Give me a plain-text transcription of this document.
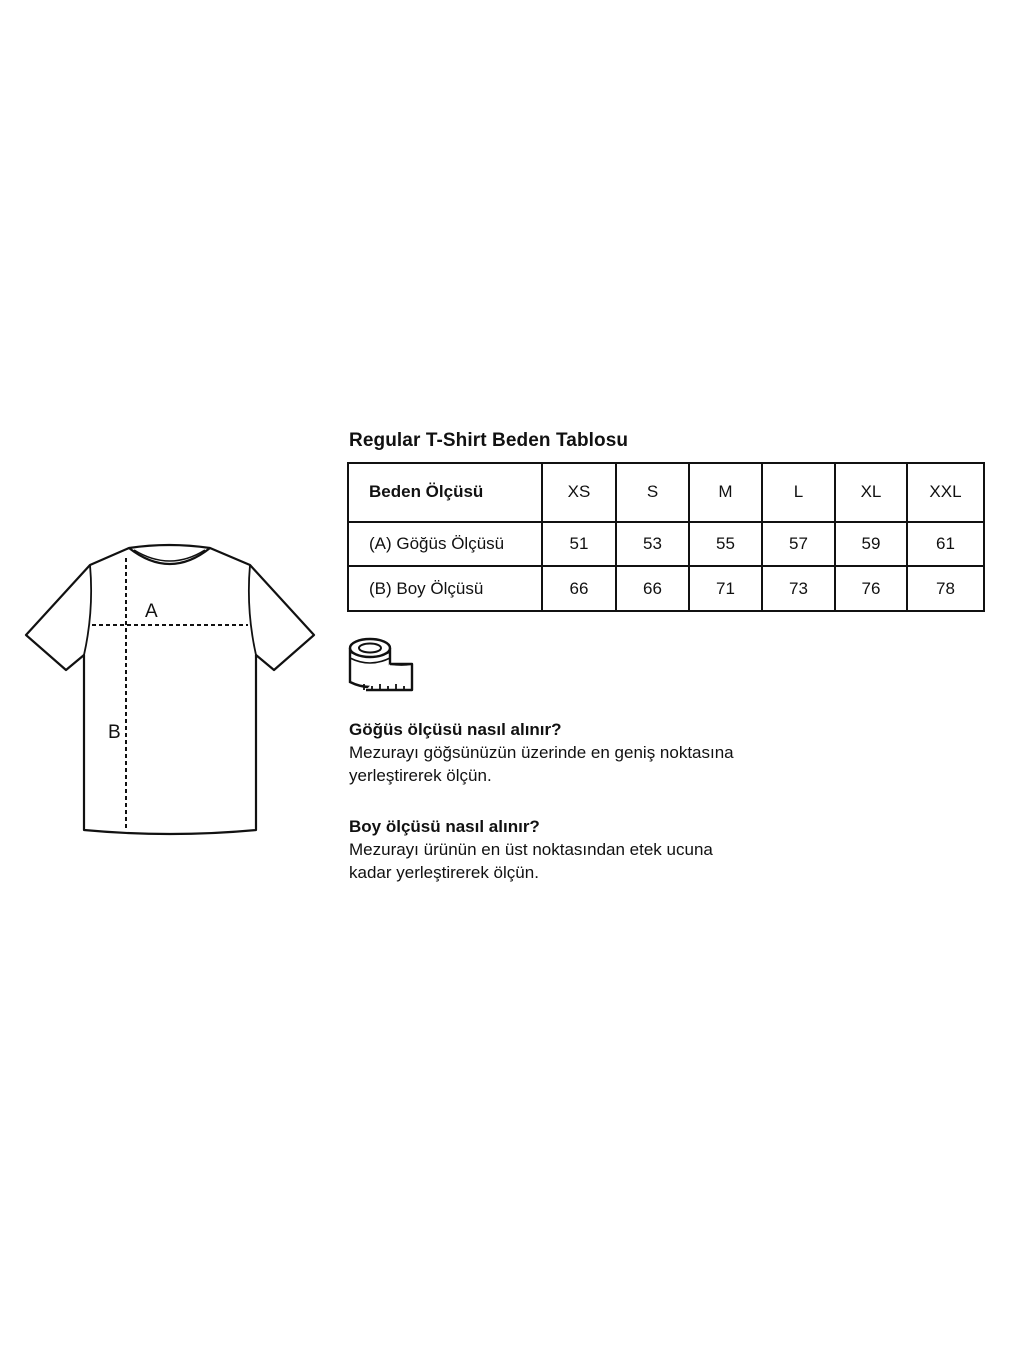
A
B
Regular T-Shirt Beden Tablosu
Beden Ölçüsü	XS	S	M	L	XL	XXL
(A) Göğüs Ölçüsü	51	53	55	57	59	61
(B) Boy Ölçüsü	66	66	71	73	76	78
Göğüs ölçüsü nasıl alınır?
Mezurayı göğsünüzün üzerinde en geniş noktasına
yerleştirerek ölçün.
Boy ölçüsü nasıl alınır?
Mezurayı ürünün en üst noktasından etek ucuna
kadar yerleştirerek ölçün.
